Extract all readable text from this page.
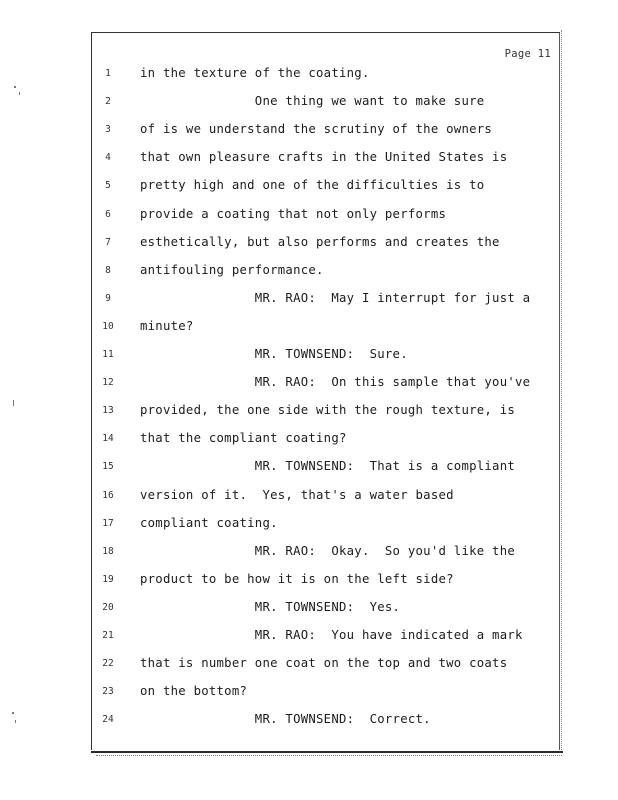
Page 11
1	in the texture of the coating.
2	One thing we want to make sure
3	of is we understand the scrutiny of the owners
4	that own pleasure crafts in the United States is
5	pretty high and one of the difficulties is to
6	provide a coating that not only performs
7	esthetically, but also performs and creates the
8	antifouling performance.
9	MR. RAO:  May I interrupt for just a
10	minute?
11	MR. TOWNSEND:  Sure.
12	MR. RAO:  On this sample that you've
13	provided, the one side with the rough texture, is
14	that the compliant coating?
15	MR. TOWNSEND:  That is a compliant
16	version of it.  Yes, that's a water based
17	compliant coating.
18	MR. RAO:  Okay.  So you'd like the
19	product to be how it is on the left side?
20	MR. TOWNSEND:  Yes.
21	MR. RAO:  You have indicated a mark
22	that is number one coat on the top and two coats
23	on the bottom?
24	MR. TOWNSEND:  Correct.
